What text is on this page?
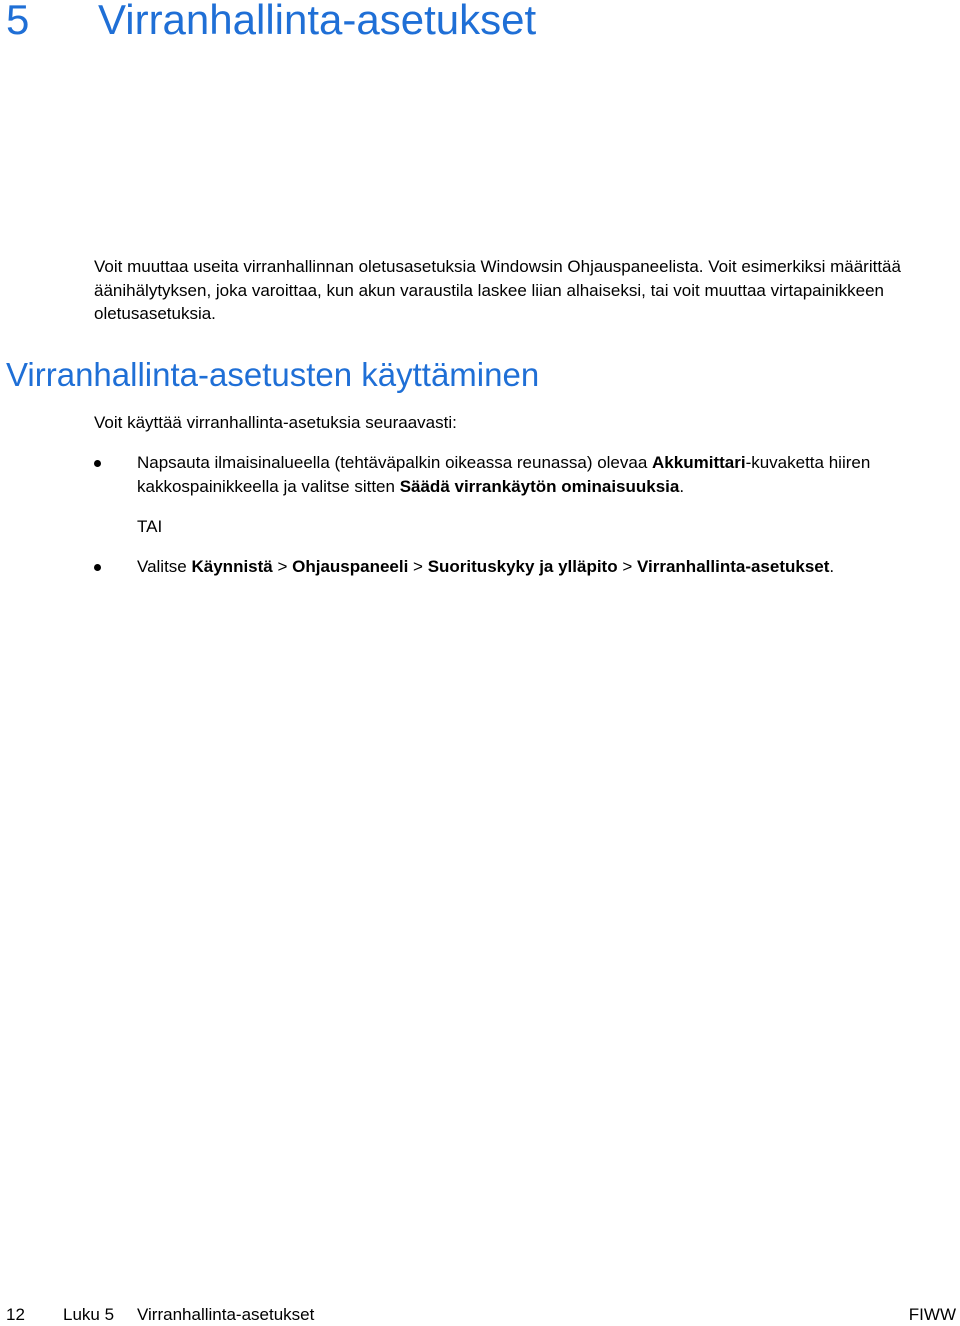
5 Virranhallinta-asetukset

Voit muuttaa useita virranhallinnan oletusasetuksia Windowsin Ohjauspaneelista. Voit esimerkiksi määrittää äänihälytyksen, joka varoittaa, kun akun varaustila laskee liian alhaiseksi, tai voit muuttaa virtapainikkeen oletusasetuksia.

Virranhallinta-asetusten käyttäminen

Voit käyttää virranhallinta-asetuksia seuraavasti:

Napsauta ilmaisinalueella (tehtäväpalkin oikeassa reunassa) olevaa Akkumittari-kuvaketta hiiren kakkospainikkeella ja valitse sitten Säädä virrankäytön ominaisuuksia.
TAI
Valitse Käynnistä > Ohjauspaneeli > Suorituskyky ja ylläpito > Virranhallinta-asetukset.
12 Luku 5 Virranhallinta-asetukset	FIWW
